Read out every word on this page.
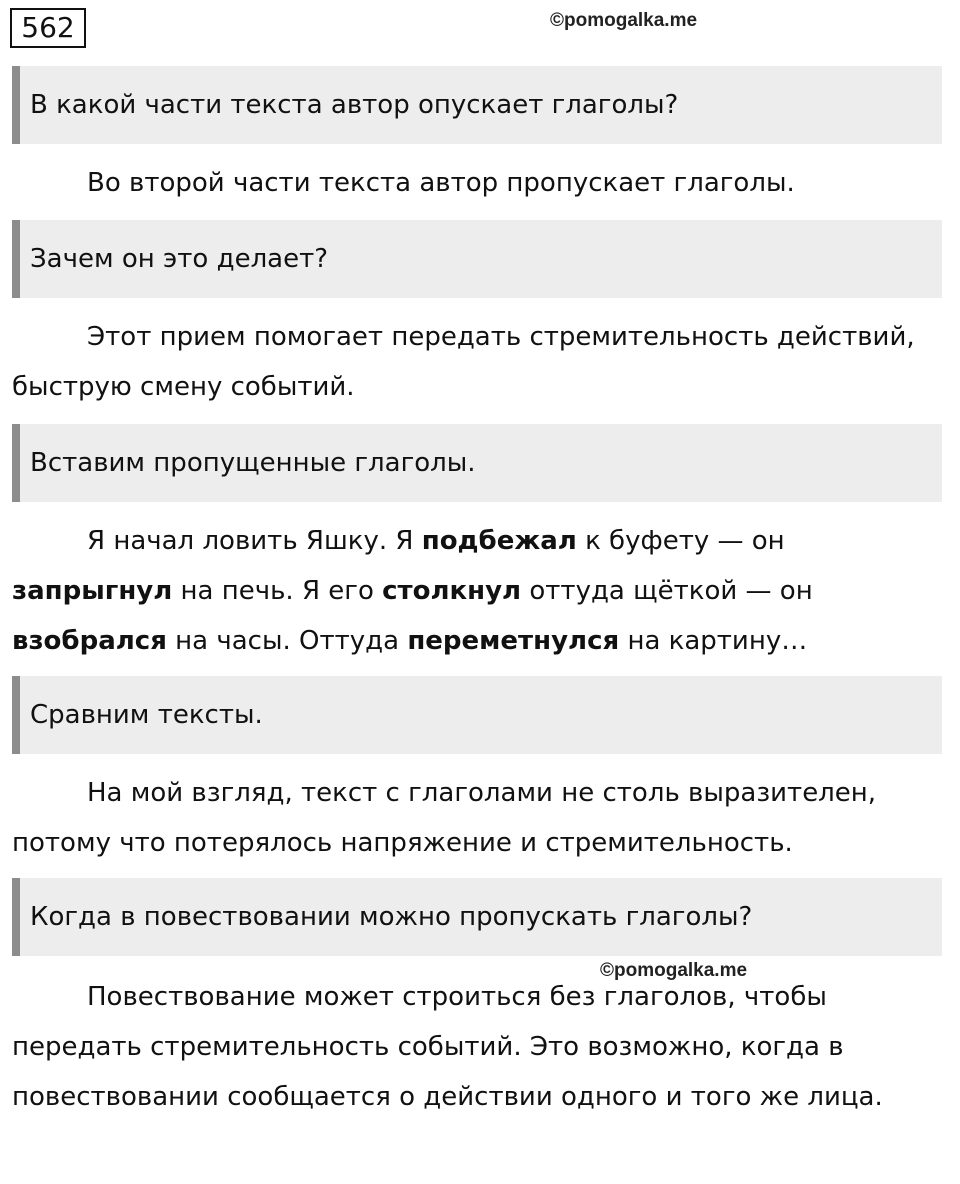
562	©pomogalka.me
©pomogalka.me
В какой части текста автор опускает глаголы?

Во второй части текста автор пропускает глаголы.

Зачем он это делает?

Этот прием помогает передать стремительность действий, быструю смену событий.

Вставим пропущенные глаголы.

Я начал ловить Яшку. Я подбежал к буфету — он запрыгнул на печь. Я его столкнул оттуда щёткой — он взобрался на часы. Оттуда переметнулся на картину…

Сравним тексты.

На мой взгляд, текст с глаголами не столь выразителен, потому что потерялось напряжение и стремительность.

Когда в повествовании можно пропускать глаголы?

Повествование может строиться без глаголов, чтобы передать стремительность событий. Это возможно, когда в повествовании сообщается о действии одного и того же лица.
